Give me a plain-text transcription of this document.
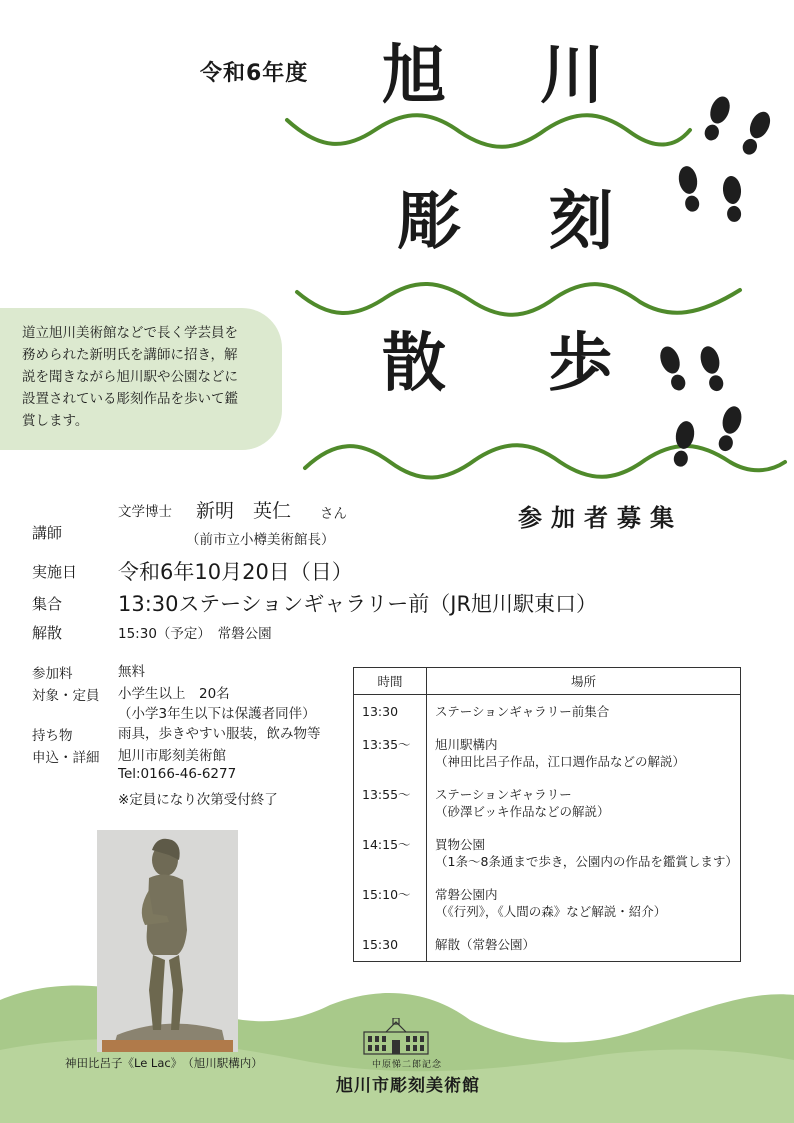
令和6年度 旭 川
彫 刻
散 歩
道立旭川美術館などで長く学芸員を
務められた新明氏を講師に招き，解
説を聞きながら旭川駅や公園などに
設置されている彫刻作品を歩いて鑑
賞します。
参加者募集
講師
文学博士 新明　英仁 さん
（前市立小樽美術館長）
実施日 令和6年10月20日（日）
集合	13:30ステーションギャラリー前（JR旭川駅東口）
解散	15:30（予定）　常磐公園
参加料	無料
対象・定員 小学生以上　20名
（小学3年生以下は保護者同伴）
持ち物	雨具，歩きやすい服装，飲み物等
申込・詳細 旭川市彫刻美術館
Tel:0166-46-6277
※定員になり次第受付終了
時間	場所
13:30	ステーションギャラリー前集合

13:35～	旭川駅構内
（神田比呂子作品，江口週作品などの解説）

13:55～	ステーションギャラリー
（砂澤ビッキ作品などの解説）

14:15～	買物公園
（1条～8条通まで歩き，公園内の作品を鑑賞します）

15:10～	常磐公園内
（《行列》，《人間の森》など解説・紹介）

15:30	解散（常磐公園）
神田比呂子《Le Lac》　（旭川駅構内）	中原悌二郎記念
旭川市彫刻美術館
